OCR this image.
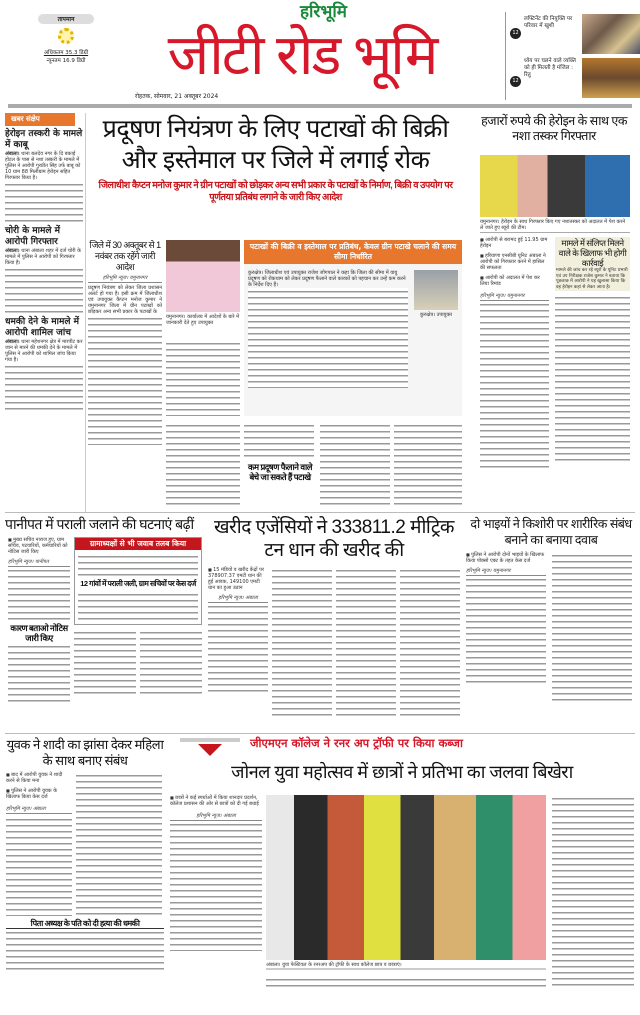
तापमान
अधिकतम 35.3 डिग्री
न्यूनतम 16.9 डिग्री
हरिभूमि
जीटी रोड भूमि
रोहतक, सोमवार, 21 अक्तूबर 2024
12
लफ्टिनेंट की नियुक्ति पर परिवार में खुशी
12
ध्येय पर चलने वाले व्यक्ति को ही मिलती है मंजिल : रितु
खबर संक्षेप
हेरोइन तस्करी के मामले में काबू
अंबाला। थाना बलदेव नगर के दि बकाई होटल के पास से नशा तस्करी के मामले में पुलिस ने आरोपी गुरप्रीत सिंह उर्फ बाबू को 10 ग्राम 88 मिलीग्राम हेरोइन सहित गिरफ्तार किया है।
चोरी के मामले में आरोपी गिरफ्तार
अंबाला। थाना अंबाला शहर में दर्ज चोरी के मामले में पुलिस ने आरोपी को गिरफ्तार किया है।
धमकी देने के मामले में आरोपी शामिल जांच
अंबाला। थाना महेशनगर क्षेत्र में मारपीट कर जान से मारने की धमकी देने के मामले में पुलिस ने आरोपी को शामिल जांच किया गया है।
प्रदूषण नियंत्रण के लिए पटाखों की बिक्री और इस्तेमाल पर जिले में लगाई रोक
जिलाधीश कैप्टन मनोज कुमार ने ग्रीन पटाखों को छोड़कर अन्य सभी प्रकार के पटाखों के निर्माण, बिक्री व उपयोग पर पूर्णतया प्रतिबंध लगाने के जारी किए आदेश
जिले में 30 अक्तूबर से 1 नवंबर तक रहेंगे जारी आदेश
हरिभूमि न्यूज। यमुनानगर
प्रदूषण नियंत्रण को लेकर जिला प्रशासन अलर्ट हो गया है। इसी क्रम में जिलाधीश एवं उपायुक्त कैप्टन मनोज कुमार ने यमुनानगर जिला में ग्रीन पटाखों को छोड़कर अन्य सभी प्रकार के पटाखों के
यमुनानगर। कार्यालय में आदेशों के बारे में जानकारी देते हुए उपायुक्त
पटाखों की बिक्री व इस्तेमाल पर प्रतिबंध, केवल ग्रीन पटाखे चलाने की समय सीमा निर्धारित
कुरुक्षेत्र। जिलाधीश एवं उपायुक्त राजेश जोगपाल ने कहा कि जिला की सीमा में वायु प्रदूषण को रोकथाम को लेकर प्रदूषण फैलाने वाले कारकों को पहचान कर उन्हें कम करने के निर्देश दिए हैं।
कुरुक्षेत्र। उपायुक्त
कम प्रदूषण फैलाने वाले बेचे जा सकते हैं पटाखे
हजारों रुपये की हेरोइन के साथ एक नशा तस्कर गिरफ्तार
यमुनानगर। हेरोइन के साथ गिरफ्तार किए गए नशातस्कर को अदालत में पेश करने ले जाते हुए ब्यूरो की टीम।
■ आरोपी से बरामद हुई 11.95 ग्राम हेरोइन
■ हरियाणा एनसीबी यूनिट अंबाला ने आरोपी को गिरफ्तार करने में हासिल की सफलता
■ आरोपी को अदालत में पेश कर लिया रिमांड
हरिभूमि न्यूज। यमुनानगर
मामले में संलिप्त मिलने वाले के खिलाफ भी होगी कार्रवाई
मामले की जांच कर रहे ब्यूरो के यूनिट प्रभारी एवं उप निरीक्षक राजेश कुमार ने बताया कि पूछताछ में आरोपी ने यह खुलासा किया कि वह हेरोइन कहां से लेकर आता है।
पानीपत में पराली जलाने की घटनाएं बढ़ीं
■ मुख्य सचिव नाराज हुए, ग्राम सचिव, पटवारियों, कर्मचारियों को नोटिस जारी किए
हरिभूमि न्यूज। पानीपत
कारण बताओ नोटिस जारी किए
ग्रामाध्यक्षों से भी जवाब तलब किया
12 गांवों में पराली जली, ग्राम सचिवों पर केस दर्ज
खरीद एजेंसियों ने 333811.2 मीट्रिक टन धान की खरीद की
■ 15 मंडियों व खरीद केंद्रों पर 378907.37 एमटी धान की हुई आवक, 149100 एमटी धान का हुआ उठान
हरिभूमि न्यूज। अंबाला
दो भाइयों ने किशोरी पर शारीरिक संबंध बनाने का बनाया दवाब
■ पुलिस ने आरोपी दोनों भाइयों के खिलाफ किया पोक्सो एक्ट के तहत केस दर्ज
हरिभूमि न्यूज। यमुनानगर
युवक ने शादी का झांसा देकर महिला के साथ बनाए संबंध
■ बाद में आरोपी युवक ने शादी करने से किया मना
■ पुलिस ने आरोपी युवक के खिलाफ किया केस दर्ज
हरिभूमि न्यूज। अंबाला
पिता अध्यक्ष के पति को दी हत्या की धमकी
जीएमएन कॉलेज ने रनर अप ट्रॉफी पर किया कब्जा
जोनल युवा महोत्सव में छात्रों ने प्रतिभा का जलवा बिखेरा
■ छात्रों ने कई स्पर्धाओं में किया शानदार प्रदर्शन, कॉलेज प्रशासन की ओर से छात्रों को दी गई बधाई
हरिभूमि न्यूज। अंबाला
अंबाला। युवा फेस्टिवल के रनरअप की ट्रॉफी के साथ कॉलेज छात्र व छात्राएं।
